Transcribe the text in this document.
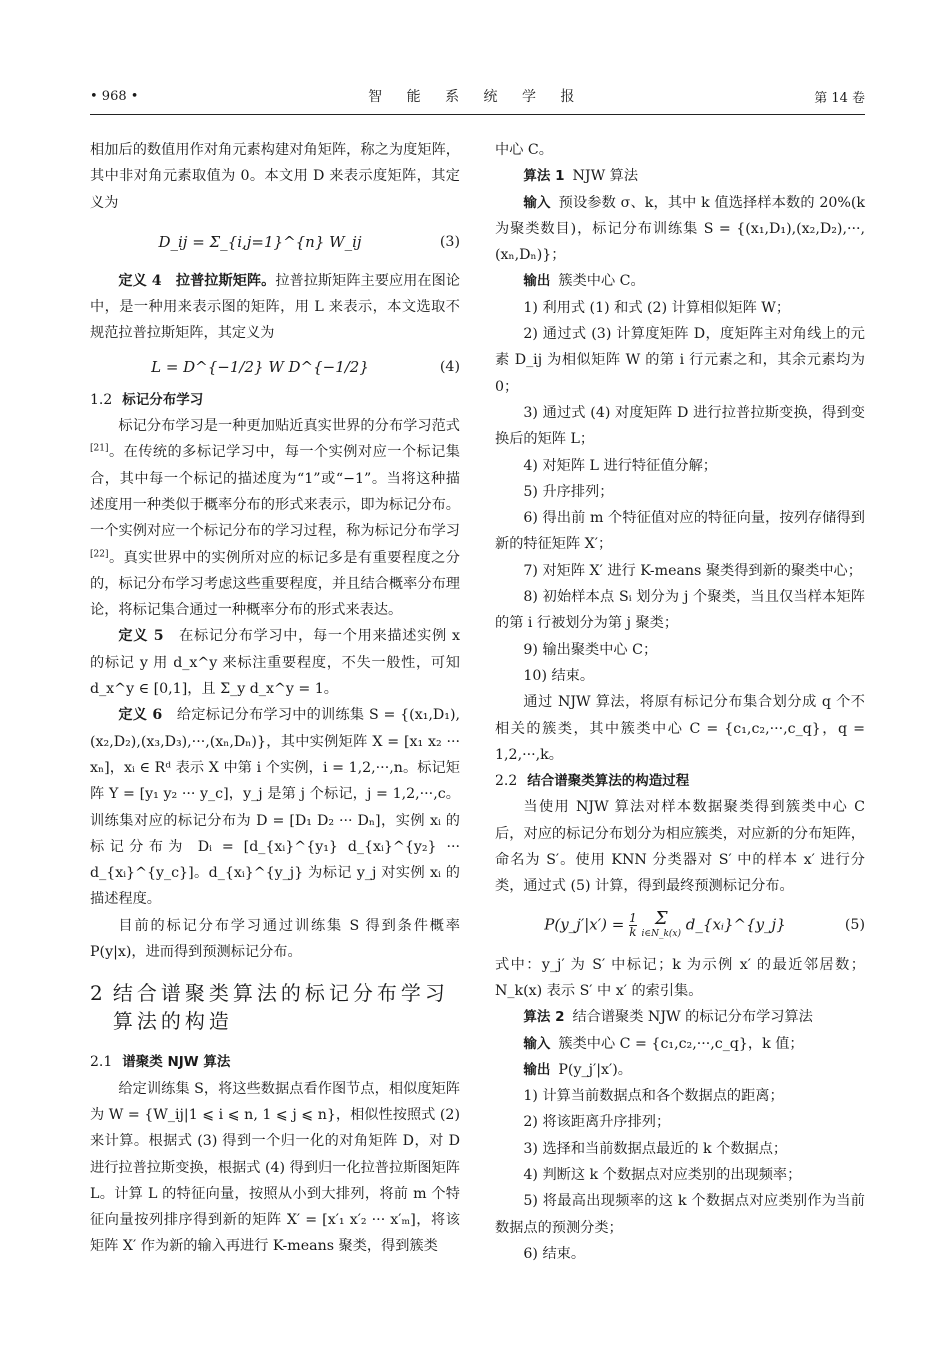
• 968 •	智 能 系 统 学 报	第 14 卷

相加后的数值用作对角元素构建对角矩阵，称之为度矩阵，其中非对角元素取值为 0。本文用 D 来表示度矩阵，其定义为

D_ij = Σ_{i,j=1}^{n} W_ij	(3)

定义 4　拉普拉斯矩阵。拉普拉斯矩阵主要应用在图论中，是一种用来表示图的矩阵，用 L 来表示，本文选取不规范拉普拉斯矩阵，其定义为

L = D^{−1/2} W D^{−1/2}	(4)
1.2 标记分布学习

标记分布学习是一种更加贴近真实世界的分布学习范式[21]。在传统的多标记学习中，每一个实例对应一个标记集合，其中每一个标记的描述度为“1”或“−1”。当将这种描述度用一种类似于概率分布的形式来表示，即为标记分布。一个实例对应一个标记分布的学习过程，称为标记分布学习[22]。真实世界中的实例所对应的标记多是有重要程度之分的，标记分布学习考虑这些重要程度，并且结合概率分布理论，将标记集合通过一种概率分布的形式来表达。

定义 5　在标记分布学习中，每一个用来描述实例 x 的标记 y 用 d_x^y 来标注重要程度，不失一般性，可知 d_x^y ∈ [0,1]，且 Σ_y d_x^y = 1。

定义 6　给定标记分布学习中的训练集 S = {(x₁,D₁),(x₂,D₂),(x₃,D₃),···,(xₙ,Dₙ)}，其中实例矩阵 X = [x₁ x₂ ··· xₙ]，xᵢ ∈ Rᵈ 表示 X 中第 i 个实例，i = 1,2,···,n。标记矩阵 Y = [y₁ y₂ ··· y_c]，y_j 是第 j 个标记，j = 1,2,···,c。训练集对应的标记分布为 D = [D₁ D₂ ··· Dₙ]，实例 xᵢ 的标记分布为 Dᵢ = [d_{xᵢ}^{y₁} d_{xᵢ}^{y₂} ··· d_{xᵢ}^{y_c}]。d_{xᵢ}^{y_j} 为标记 y_j 对实例 xᵢ 的描述程度。

目前的标记分布学习通过训练集 S 得到条件概率 P(y|x)，进而得到预测标记分布。

2 结合谱聚类算法的标记分布学习算法的构造
2.1 谱聚类 NJW 算法

给定训练集 S，将这些数据点看作图节点，相似度矩阵为 W = {W_ij|1 ⩽ i ⩽ n, 1 ⩽ j ⩽ n}，相似性按照式 (2) 来计算。根据式 (3) 得到一个归一化的对角矩阵 D，对 D 进行拉普拉斯变换，根据式 (4) 得到归一化拉普拉斯图矩阵 L。计算 L 的特征向量，按照从小到大排列，将前 m 个特征向量按列排序得到新的矩阵 X′ = [x′₁ x′₂ ··· x′ₘ]，将该矩阵 X′ 作为新的输入再进行 K-means 聚类，得到簇类

中心 C。

算法 1 NJW 算法

输入 预设参数 σ、k，其中 k 值选择样本数的 20%(k 为聚类数目)，标记分布训练集 S = {(x₁,D₁),(x₂,D₂),···,(xₙ,Dₙ)}；

输出 簇类中心 C。

1) 利用式 (1) 和式 (2) 计算相似矩阵 W；

2) 通过式 (3) 计算度矩阵 D，度矩阵主对角线上的元素 D_ij 为相似矩阵 W 的第 i 行元素之和，其余元素均为 0；

3) 通过式 (4) 对度矩阵 D 进行拉普拉斯变换，得到变换后的矩阵 L；

4) 对矩阵 L 进行特征值分解；

5) 升序排列；

6) 得出前 m 个特征值对应的特征向量，按列存储得到新的特征矩阵 X′；

7) 对矩阵 X′ 进行 K-means 聚类得到新的聚类中心；

8) 初始样本点 Sᵢ 划分为 j 个聚类，当且仅当样本矩阵的第 i 行被划分为第 j 聚类；

9) 输出聚类中心 C；

10) 结束。

通过 NJW 算法，将原有标记分布集合划分成 q 个不相关的簇类，其中簇类中心 C = {c₁,c₂,···,c_q}，q = 1,2,···,k。

2.2 结合谱聚类算法的构造过程

当使用 NJW 算法对样本数据聚类得到簇类中心 C 后，对应的标记分布划分为相应簇类，对应新的分布矩阵，命名为 S′。使用 KNN 分类器对 S′ 中的样本 x′ 进行分类，通过式 (5) 计算，得到最终预测标记分布。

P(y_j′|x′) = $\frac{1}{k}$
Σ
i∈N_k(x)
d_{xᵢ}^{y_j}	(5)

式中：y_j′ 为 S′ 中标记；k 为示例 x′ 的最近邻居数；N_k(x) 表示 S′ 中 x′ 的索引集。

算法 2 结合谱聚类 NJW 的标记分布学习算法

输入 簇类中心 C = {c₁,c₂,···,c_q}，k 值；

输出 P(y_j′|x′)。

1) 计算当前数据点和各个数据点的距离；

2) 将该距离升序排列；

3) 选择和当前数据点最近的 k 个数据点；

4) 判断这 k 个数据点对应类别的出现频率；

5) 将最高出现频率的这 k 个数据点对应类别作为当前数据点的预测分类；

6) 结束。
